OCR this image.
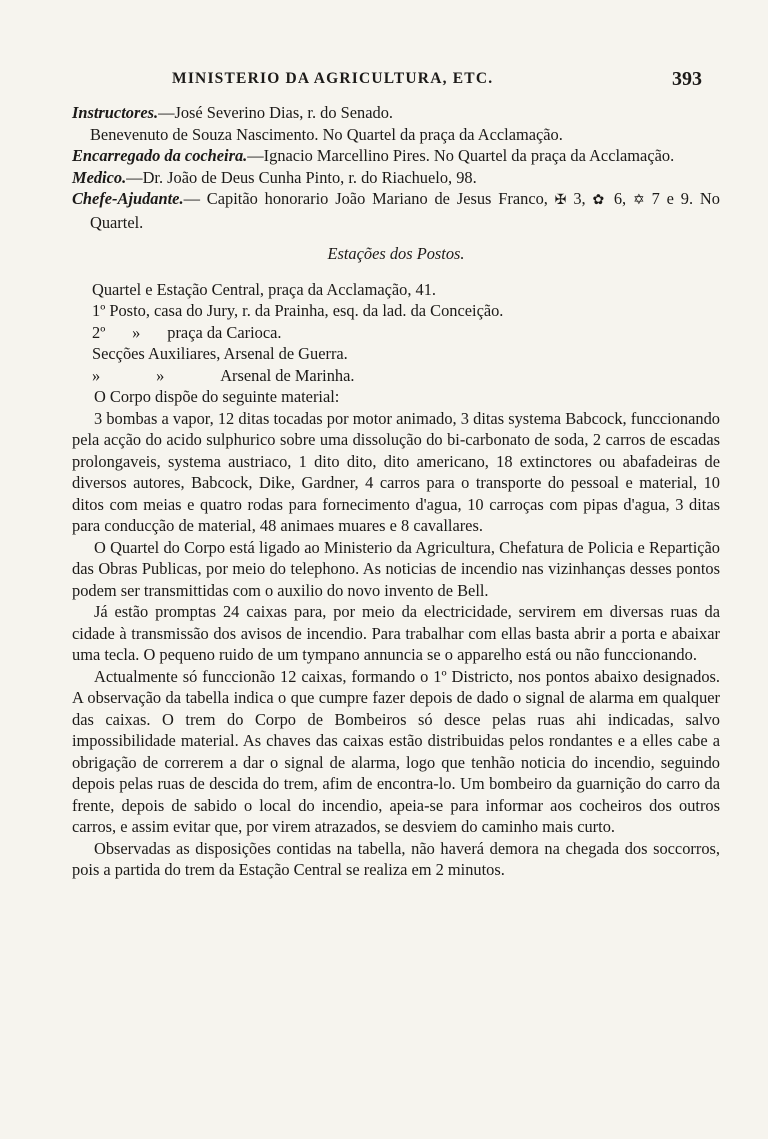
MINISTERIO DA AGRICULTURA, ETC.	393

Instructores.—José Severino Dias, r. do Senado.

Benevenuto de Souza Nascimento. No Quartel da praça da Acclamação.

Encarregado da cocheira.—Ignacio Marcellino Pires. No Quartel da praça da Acclamação.

Medico.—Dr. João de Deus Cunha Pinto, r. do Riachuelo, 98.

Chefe-Ajudante.— Capitão honorario João Mariano de Jesus Franco, ✠ 3, ✿ 6, ✡ 7 e 9. No Quartel.

Estações dos Postos.

Quartel e Estação Central, praça da Acclamação, 41.

1º Posto, casa do Jury, r. da Prainha, esq. da lad. da Conceição.

2º » praça da Carioca.

Secções Auxiliares, Arsenal de Guerra.

»	»	Arsenal de Marinha.

O Corpo dispõe do seguinte material:

3 bombas a vapor, 12 ditas tocadas por motor animado, 3 ditas systema Babcock, funccionando pela acção do acido sulphurico sobre uma dissolução do bi-carbonato de soda, 2 carros de escadas prolongaveis, systema austriaco, 1 dito dito, dito americano, 18 extinctores ou abafadeiras de diversos autores, Babcock, Dike, Gardner, 4 carros para o transporte do pessoal e material, 10 ditos com meias e quatro rodas para fornecimento d'agua, 10 carroças com pipas d'agua, 3 ditas para conducção de material, 48 animaes muares e 8 cavallares.

O Quartel do Corpo está ligado ao Ministerio da Agricultura, Chefatura de Policia e Repartição das Obras Publicas, por meio do telephono. As noticias de incendio nas vizinhanças desses pontos podem ser transmittidas com o auxilio do novo invento de Bell.

Já estão promptas 24 caixas para, por meio da electricidade, servirem em diversas ruas da cidade à transmissão dos avisos de incendio. Para trabalhar com ellas basta abrir a porta e abaixar uma tecla. O pequeno ruido de um tympano annuncia se o apparelho está ou não funccionando.

Actualmente só funccionão 12 caixas, formando o 1º Districto, nos pontos abaixo designados. A observação da tabella indica o que cumpre fazer depois de dado o signal de alarma em qualquer das caixas. O trem do Corpo de Bombeiros só desce pelas ruas ahi indicadas, salvo impossibilidade material. As chaves das caixas estão distribuidas pelos rondantes e a elles cabe a obrigação de correrem a dar o signal de alarma, logo que tenhão noticia do incendio, seguindo depois pelas ruas de descida do trem, afim de encontra-lo. Um bombeiro da guarnição do carro da frente, depois de sabido o local do incendio, apeia-se para informar aos cocheiros dos outros carros, e assim evitar que, por virem atrazados, se desviem do caminho mais curto.

Observadas as disposições contidas na tabella, não haverá demora na chegada dos soccorros, pois a partida do trem da Estação Central se realiza em 2 minutos.
